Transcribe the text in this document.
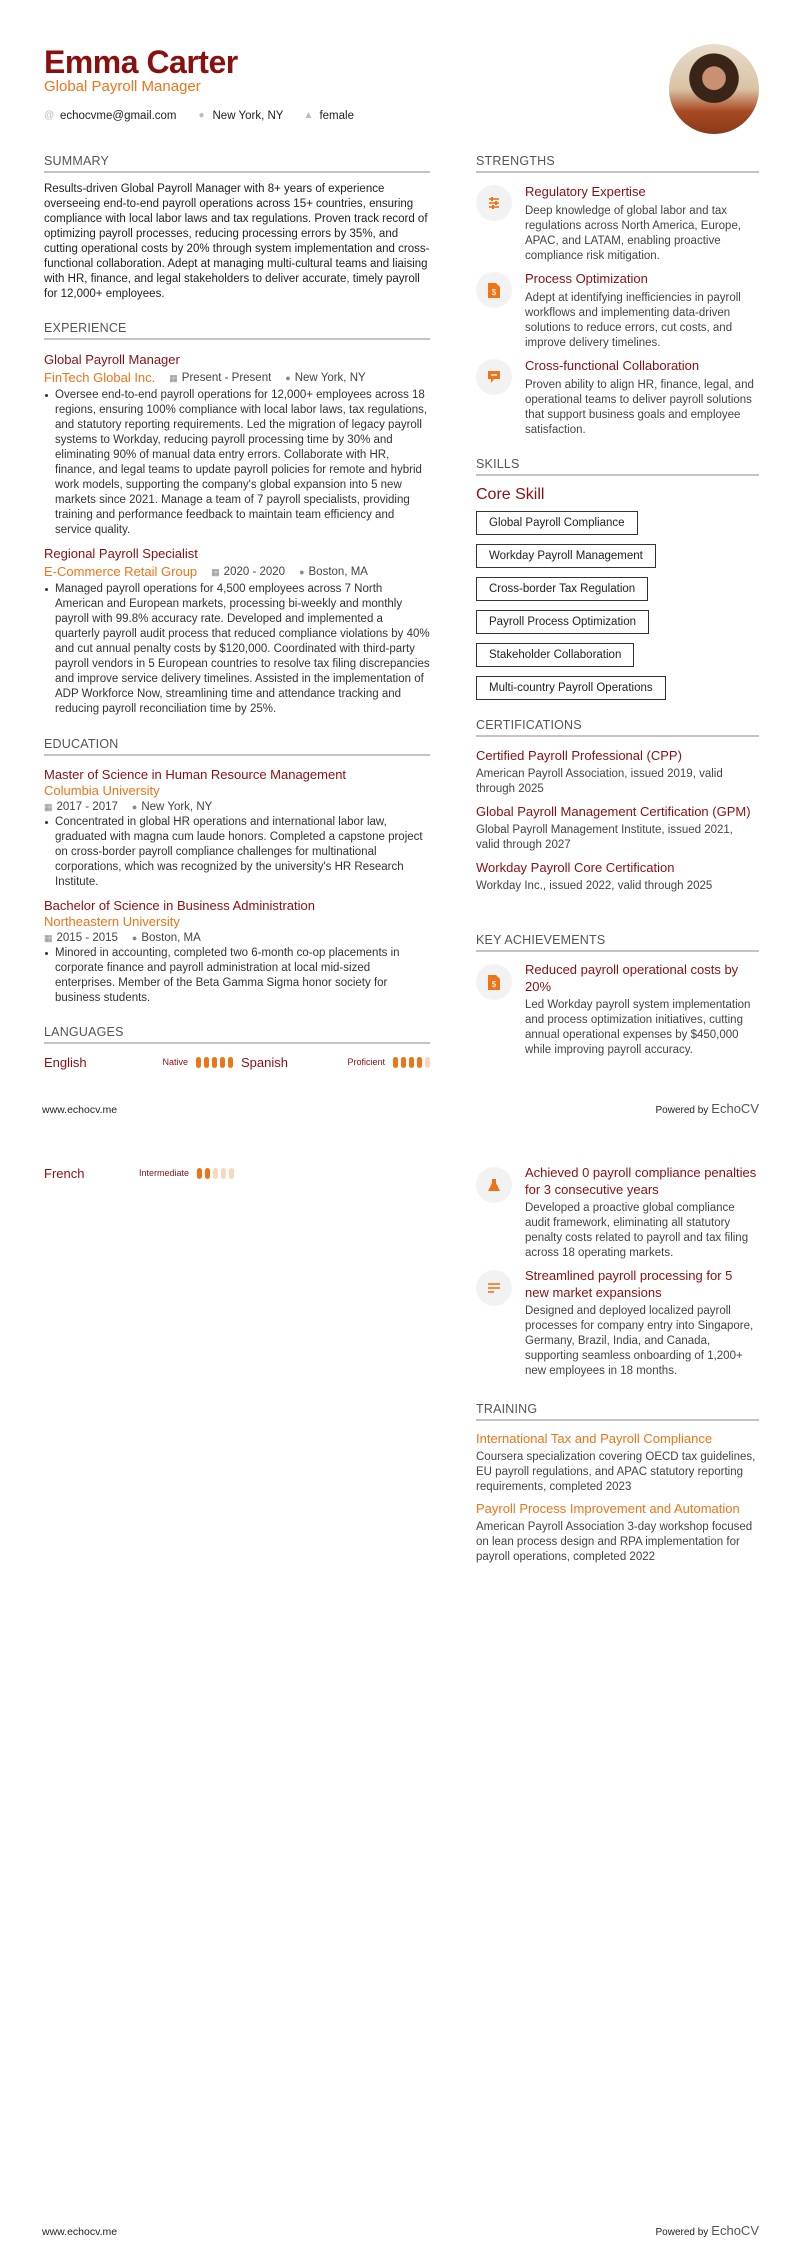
Emma Carter
Global Payroll Manager
@ echocvme@gmail.com ● New York, NY ▲ female
SUMMARY
Results-driven Global Payroll Manager with 8+ years of experience overseeing end-to-end payroll operations across 15+ countries, ensuring compliance with local labor laws and tax regulations. Proven track record of optimizing payroll processes, reducing processing errors by 35%, and cutting operational costs by 20% through system implementation and cross-functional collaboration. Adept at managing multi-cultural teams and liaising with HR, finance, and legal stakeholders to deliver accurate, timely payroll for 12,000+ employees.
EXPERIENCE
Global Payroll Manager
FinTech Global Inc. ▦ Present - Present ● New York, NY
Oversee end-to-end payroll operations for 12,000+ employees across 18 regions, ensuring 100% compliance with local labor laws, tax regulations, and statutory reporting requirements. Led the migration of legacy payroll systems to Workday, reducing payroll processing time by 30% and eliminating 90% of manual data entry errors. Collaborate with HR, finance, and legal teams to update payroll policies for remote and hybrid work models, supporting the company's global expansion into 5 new markets since 2021. Manage a team of 7 payroll specialists, providing training and performance feedback to maintain team efficiency and service quality.
Regional Payroll Specialist
E-Commerce Retail Group ▦ 2020 - 2020 ● Boston, MA
Managed payroll operations for 4,500 employees across 7 North American and European markets, processing bi-weekly and monthly payroll with 99.8% accuracy rate. Developed and implemented a quarterly payroll audit process that reduced compliance violations by 40% and cut annual penalty costs by $120,000. Coordinated with third-party payroll vendors in 5 European countries to resolve tax filing discrepancies and improve service delivery timelines. Assisted in the implementation of ADP Workforce Now, streamlining time and attendance tracking and reducing payroll reconciliation time by 25%.
EDUCATION
Master of Science in Human Resource Management
Columbia University
▦ 2017 - 2017 ● New York, NY
Concentrated in global HR operations and international labor law, graduated with magna cum laude honors. Completed a capstone project on cross-border payroll compliance challenges for multinational corporations, which was recognized by the university's HR Research Institute.
Bachelor of Science in Business Administration
Northeastern University
▦ 2015 - 2015 ● Boston, MA
Minored in accounting, completed two 6-month co-op placements in corporate finance and payroll administration at local mid-sized enterprises. Member of the Beta Gamma Sigma honor society for business students.
LANGUAGES
English	Native	Spanish	Proficient
French	Intermediate
STRENGTHS
Regulatory Expertise
Deep knowledge of global labor and tax regulations across North America, Europe, APAC, and LATAM, enabling proactive compliance risk mitigation.
$
Process Optimization
Adept at identifying inefficiencies in payroll workflows and implementing data-driven solutions to reduce errors, cut costs, and improve delivery timelines.
Cross-functional Collaboration
Proven ability to align HR, finance, legal, and operational teams to deliver payroll solutions that support business goals and employee satisfaction.
SKILLS
Core Skill
Global Payroll Compliance
Workday Payroll Management
Cross-border Tax Regulation
Payroll Process Optimization
Stakeholder Collaboration
Multi-country Payroll Operations
CERTIFICATIONS
Certified Payroll Professional (CPP)
American Payroll Association, issued 2019, valid through 2025
Global Payroll Management Certification (GPM)
Global Payroll Management Institute, issued 2021, valid through 2027
Workday Payroll Core Certification
Workday Inc., issued 2022, valid through 2025
KEY ACHIEVEMENTS
$
Reduced payroll operational costs by 20%
Led Workday payroll system implementation and process optimization initiatives, cutting annual operational expenses by $450,000 while improving payroll accuracy.
Achieved 0 payroll compliance penalties for 3 consecutive years
Developed a proactive global compliance audit framework, eliminating all statutory penalty costs related to payroll and tax filing across 18 operating markets.
Streamlined payroll processing for 5 new market expansions
Designed and deployed localized payroll processes for company entry into Singapore, Germany, Brazil, India, and Canada, supporting seamless onboarding of 1,200+ new employees in 18 months.
TRAINING
International Tax and Payroll Compliance
Coursera specialization covering OECD tax guidelines, EU payroll regulations, and APAC statutory reporting requirements, completed 2023
Payroll Process Improvement and Automation
American Payroll Association 3-day workshop focused on lean process design and RPA implementation for payroll operations, completed 2022
www.echocv.me	Powered by EchoCV
www.echocv.me	Powered by EchoCV
